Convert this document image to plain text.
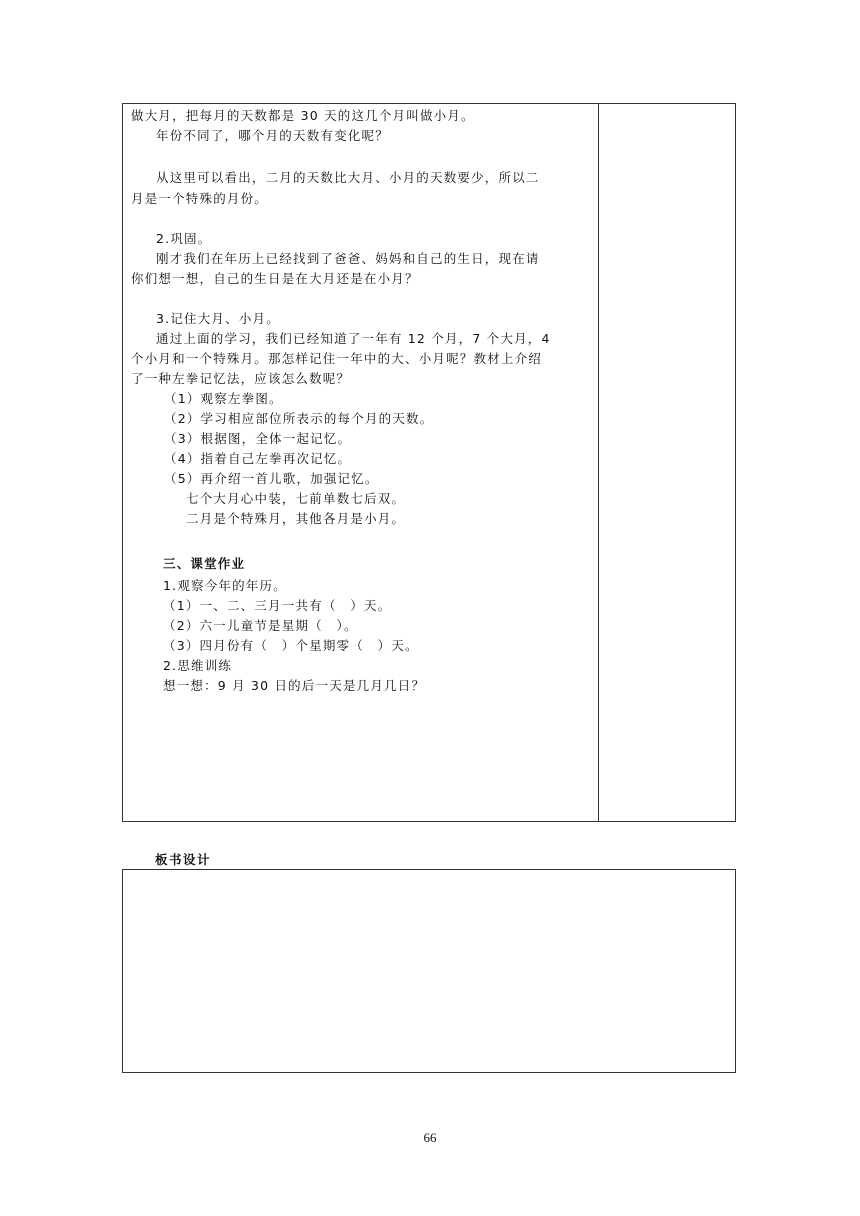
做大月，把每月的天数都是 30 天的这几个月叫做小月。
年份不同了，哪个月的天数有变化呢？
从这里可以看出，二月的天数比大月、小月的天数要少，所以二
月是一个特殊的月份。
2.巩固。
刚才我们在年历上已经找到了爸爸、妈妈和自己的生日，现在请
你们想一想，自己的生日是在大月还是在小月？
3.记住大月、小月。
通过上面的学习，我们已经知道了一年有 12 个月，7 个大月，4
个小月和一个特殊月。那怎样记住一年中的大、小月呢？教材上介绍
了一种左拳记忆法，应该怎么数呢？
（1）观察左拳图。
（2）学习相应部位所表示的每个月的天数。
（3）根据图，全体一起记忆。
（4）指着自己左拳再次记忆。
（5）再介绍一首儿歌，加强记忆。
七个大月心中装，七前单数七后双。
二月是个特殊月，其他各月是小月。
三、课堂作业
1.观察今年的年历。
（1）一、二、三月一共有（　）天。
（2）六一儿童节是星期（　）。
（3）四月份有（　）个星期零（　）天。
2.思维训练
想一想：9 月 30 日的后一天是几月几日？
板书设计
66
